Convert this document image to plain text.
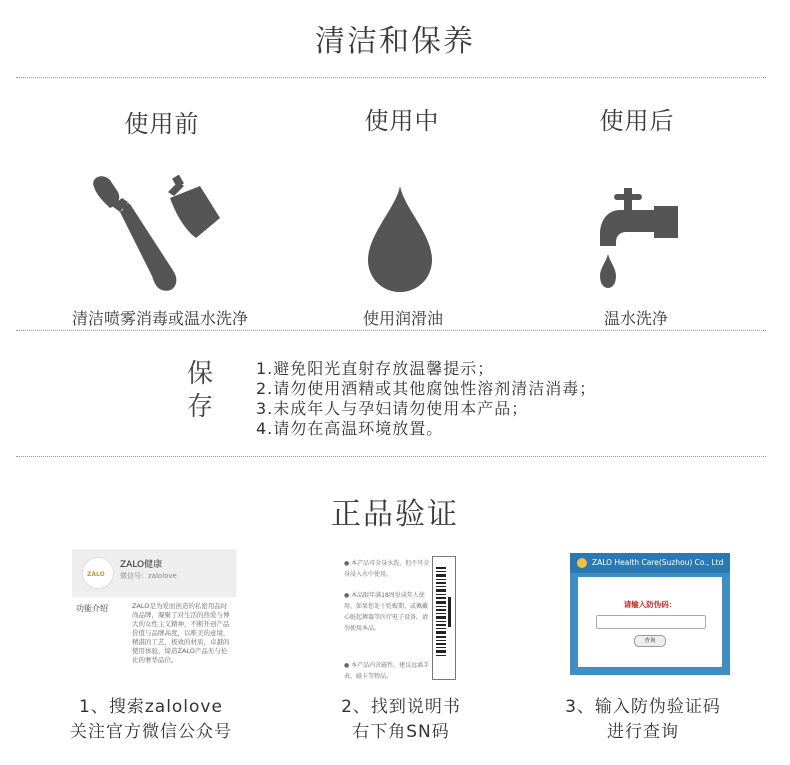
清洁和保养
使用前	使用中	使用后
清洁喷雾消毒或温水洗净	使用润滑油	温水洗净
保存
1.避免阳光直射存放温馨提示；
2.请勿使用酒精或其他腐蚀性溶剂清洁消毒；
3.未成年人与孕妇请勿使用本产品；
4.请勿在高温环境放置。
正品验证
ZALO
ZALO健康
微信号：zalolove
功能介绍	ZALO是为爱而创造的私密用品时尚品牌，凝聚了对生活的热爱与博大的女性主义精神，不断开创产品价值与品牌高度，以唯美的意境，精湛的工艺，极致的材质，卓越的使用体验，缔造ZALO产品无与伦比的奢华品位。
● 本产品可全身水洗，但不可全身浸入水中使用。
● 本品限年满18周岁成年人使用，如果您处于妊娠期、或佩戴心脏起搏器等医疗电子设备，请勿使用本品。
● 本产品内含磁性，建议远离手表、磁卡等物品。
ZALO Health Care(Suzhou) Co., Ltd
请输入防伪码：
查询
1、搜索zalolove
关注官方微信公众号
2、找到说明书
右下角SN码
3、输入防伪验证码
进行查询
